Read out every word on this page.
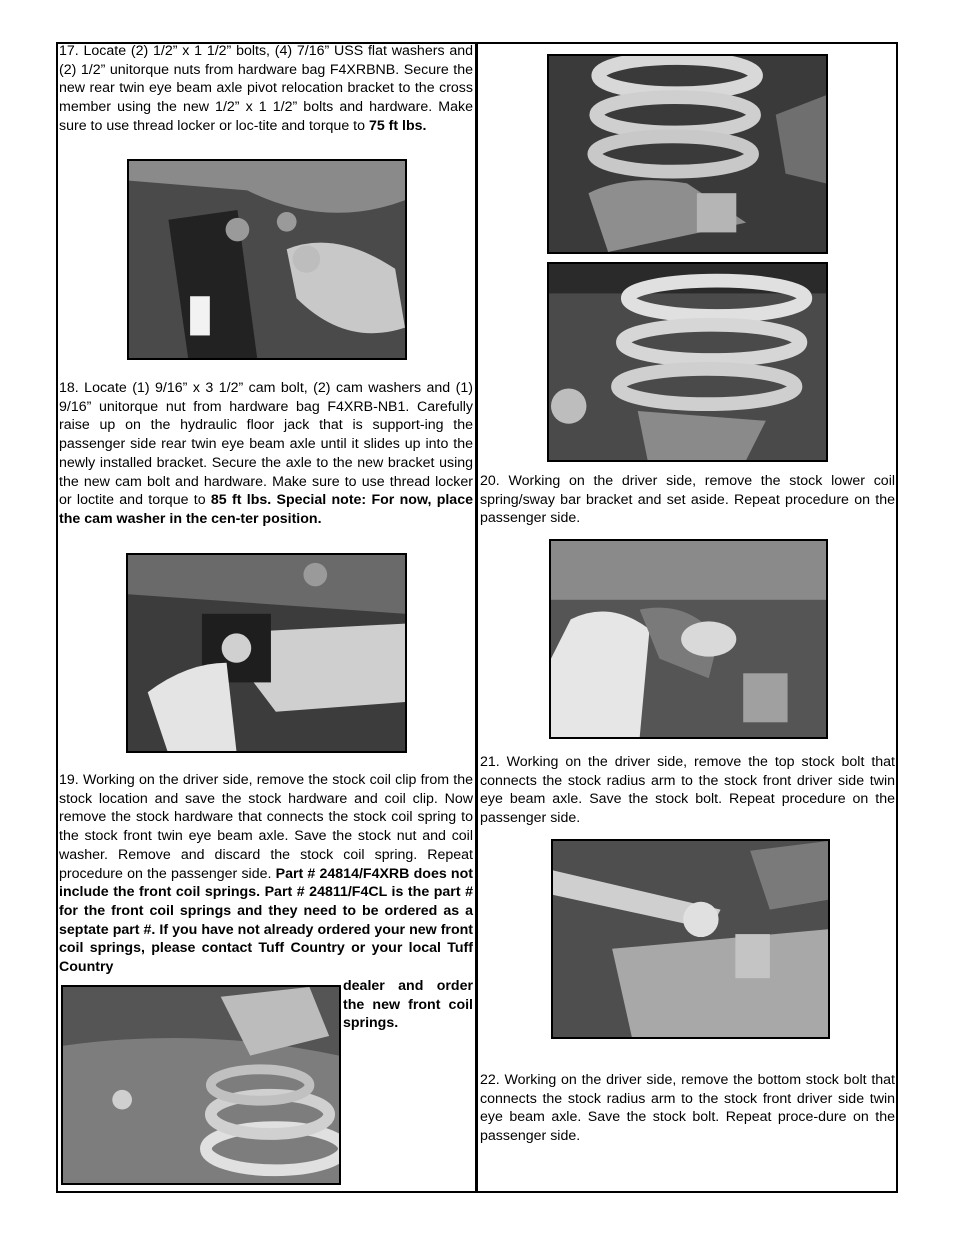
17. Locate (2) 1/2” x 1 1/2” bolts, (4) 7/16” USS flat washers and (2) 1/2” unitorque nuts from hardware bag F4XRBNB. Secure the new rear twin eye beam axle pivot relocation bracket to the cross member using the new 1/2” x 1 1/2” bolts and hardware. Make sure to use thread locker or loc-tite and torque to 75 ft lbs.
18. Locate (1) 9/16” x 3 1/2” cam bolt, (2) cam washers and (1) 9/16” unitorque nut from hardware bag F4XRB-NB1. Carefully raise up on the hydraulic floor jack that is support-ing the passenger side rear twin eye beam axle until it slides up into the newly installed bracket. Secure the axle to the new bracket using the new cam bolt and hardware. Make sure to use thread locker or loctite and torque to 85 ft lbs. Special note: For now, place the cam washer in the cen-ter position.
19. Working on the driver side, remove the stock coil clip from the stock location and save the stock hardware and coil clip. Now remove the stock hardware that connects the stock coil spring to the stock front twin eye beam axle. Save the stock nut and coil washer. Remove and discard the stock coil spring. Repeat procedure on the passenger side. Part # 24814/F4XRB does not include the front coil springs. Part # 24811/F4CL is the part # for the front coil springs and they need to be ordered as a septate part #. If you have not already ordered your new front coil springs, please contact Tuff Country or your local Tuff Country
dealer and order the new front coil springs.
20. Working on the driver side, remove the stock lower coil spring/sway bar bracket and set aside. Repeat procedure on the passenger side.
21. Working on the driver side, remove the top stock bolt that connects the stock radius arm to the stock front driver side twin eye beam axle. Save the stock bolt. Repeat procedure on the passenger side.
22. Working on the driver side, remove the bottom stock bolt that connects the stock radius arm to the stock front driver side twin eye beam axle. Save the stock bolt. Repeat proce-dure on the passenger side.
